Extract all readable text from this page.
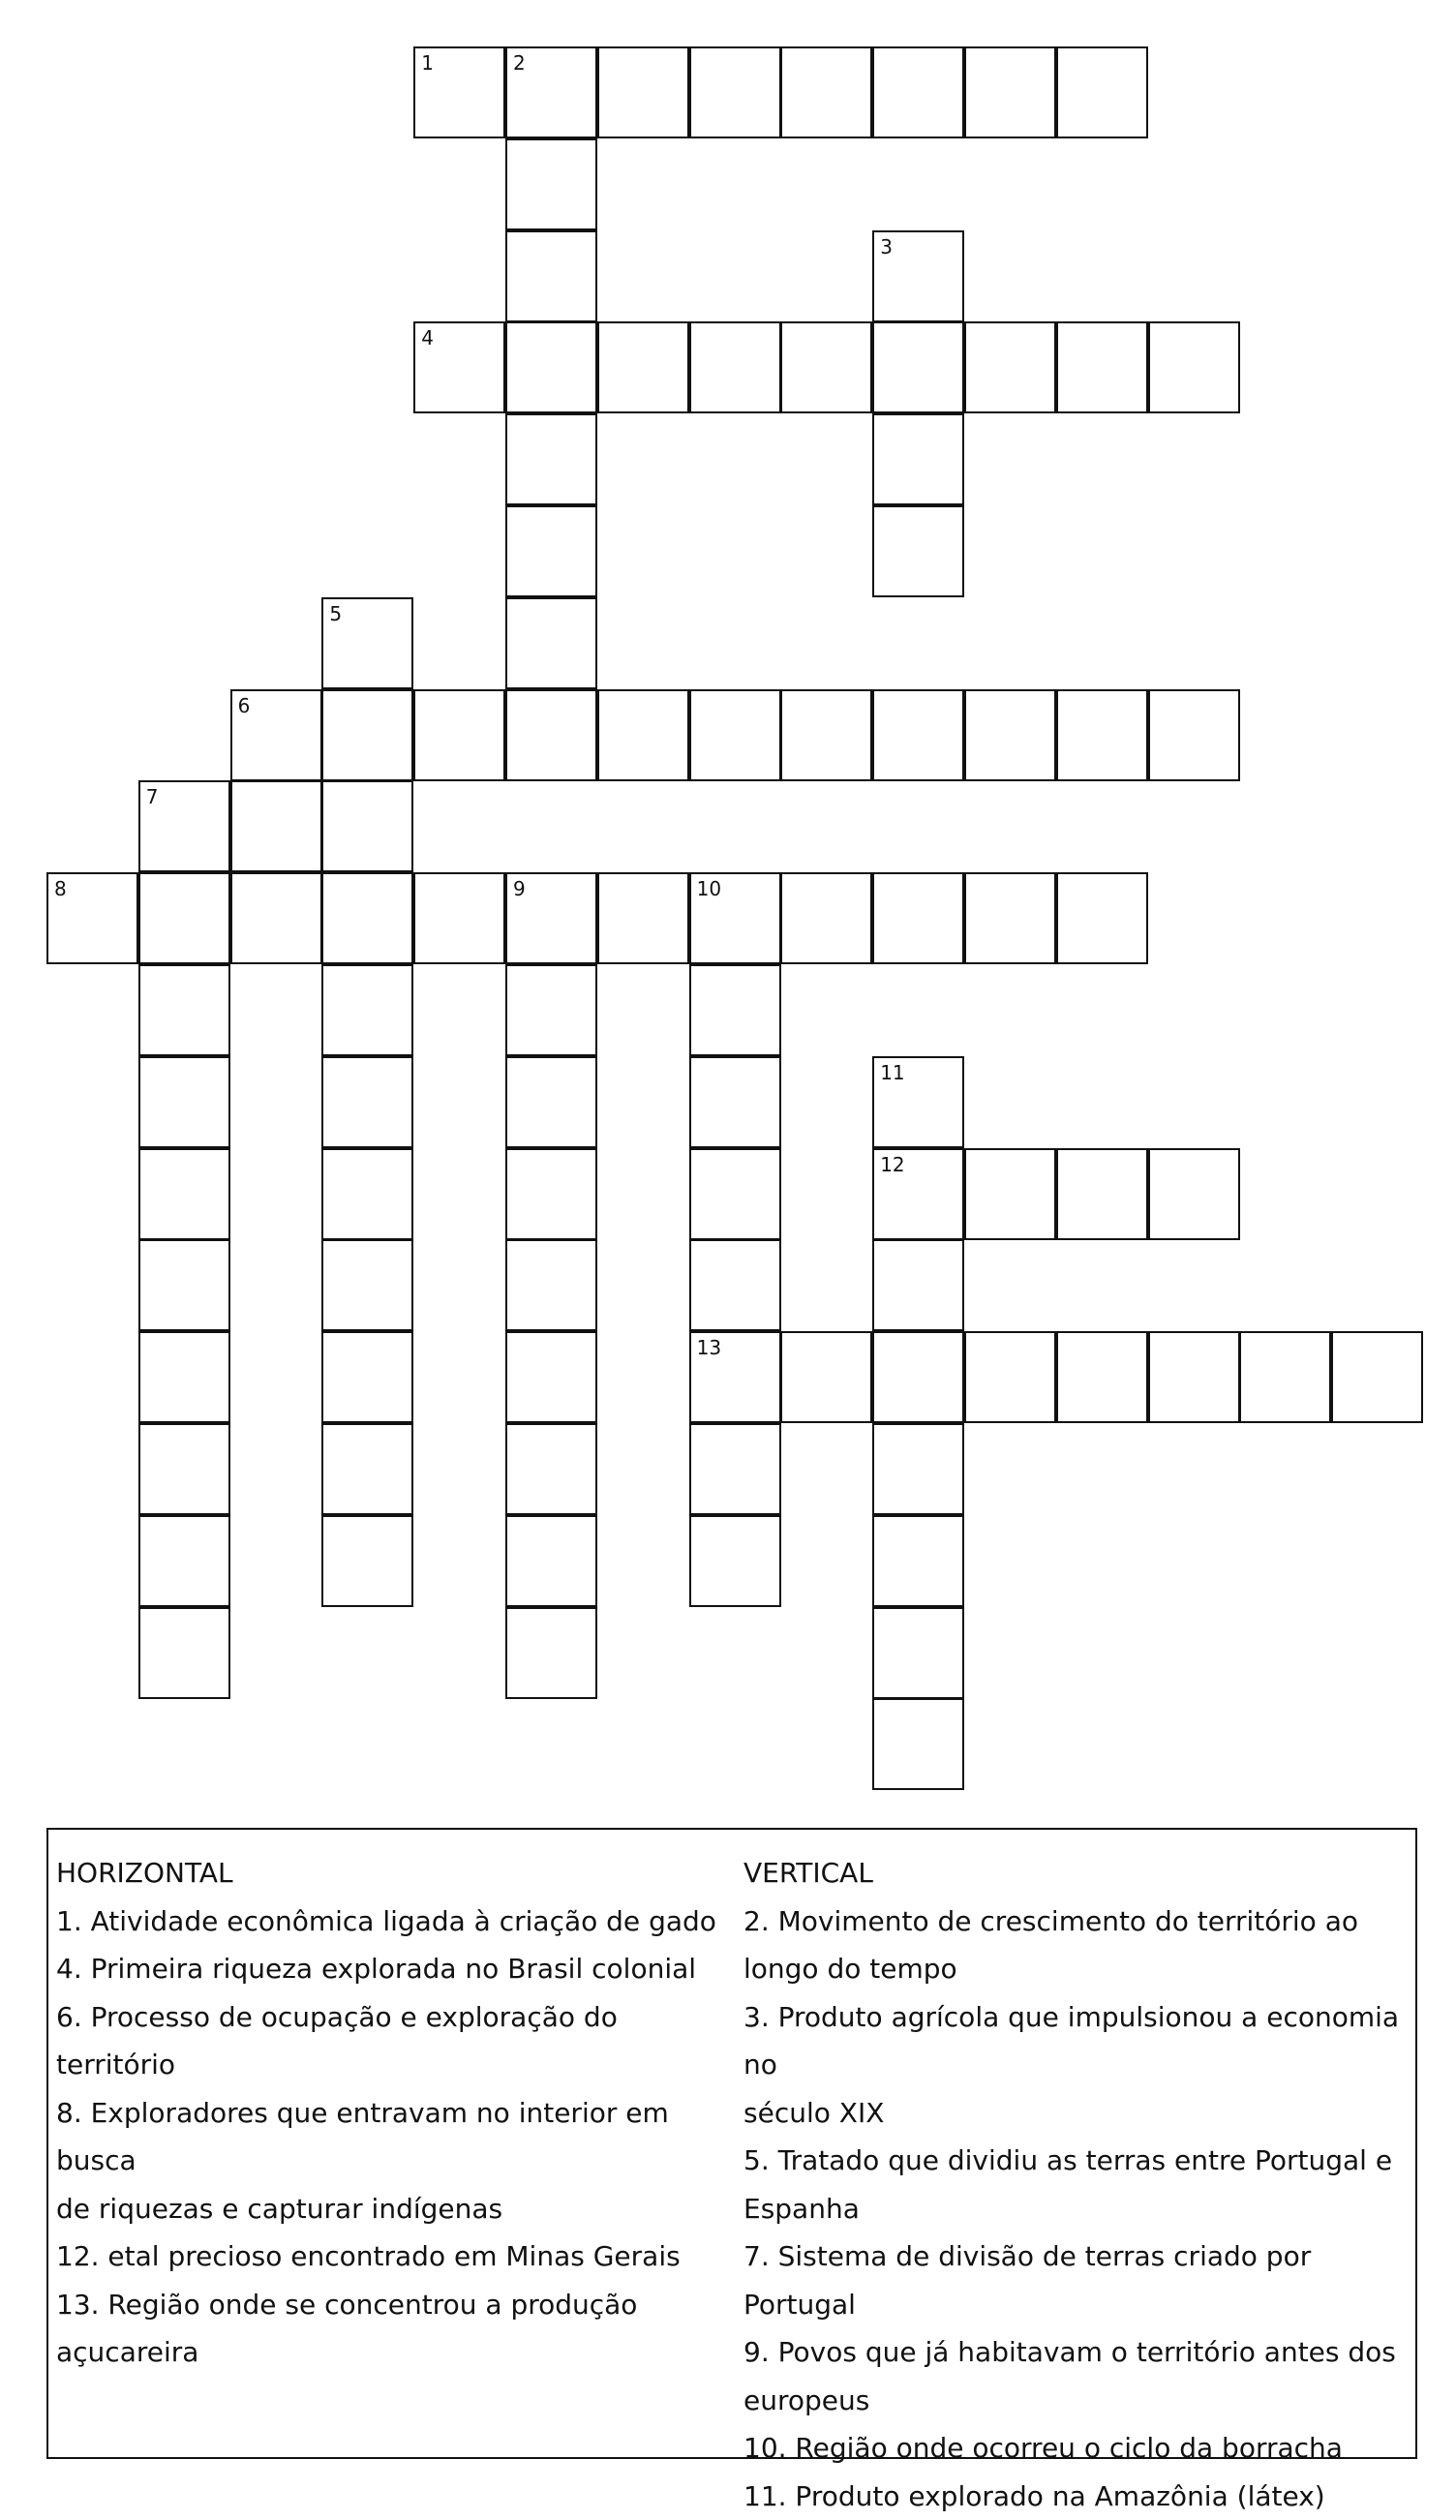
1	2
3
4
5
6
7
8	9	10
11
12
13

HORIZONTAL

1. Atividade econômica ligada à criação de gado

4. Primeira riqueza explorada no Brasil colonial

6. Processo de ocupação e exploração do território

8. Exploradores que entravam no interior em busca

de riquezas e capturar indígenas

12. etal precioso encontrado em Minas Gerais

13. Região onde se concentrou a produção

açucareira

VERTICAL

2. Movimento de crescimento do território ao

longo do tempo

3. Produto agrícola que impulsionou a economia no

século XIX

5. Tratado que dividiu as terras entre Portugal e

Espanha

7. Sistema de divisão de terras criado por Portugal

9. Povos que já habitavam o território antes dos

europeus

10. Região onde ocorreu o ciclo da borracha

11. Produto explorado na Amazônia (látex)
